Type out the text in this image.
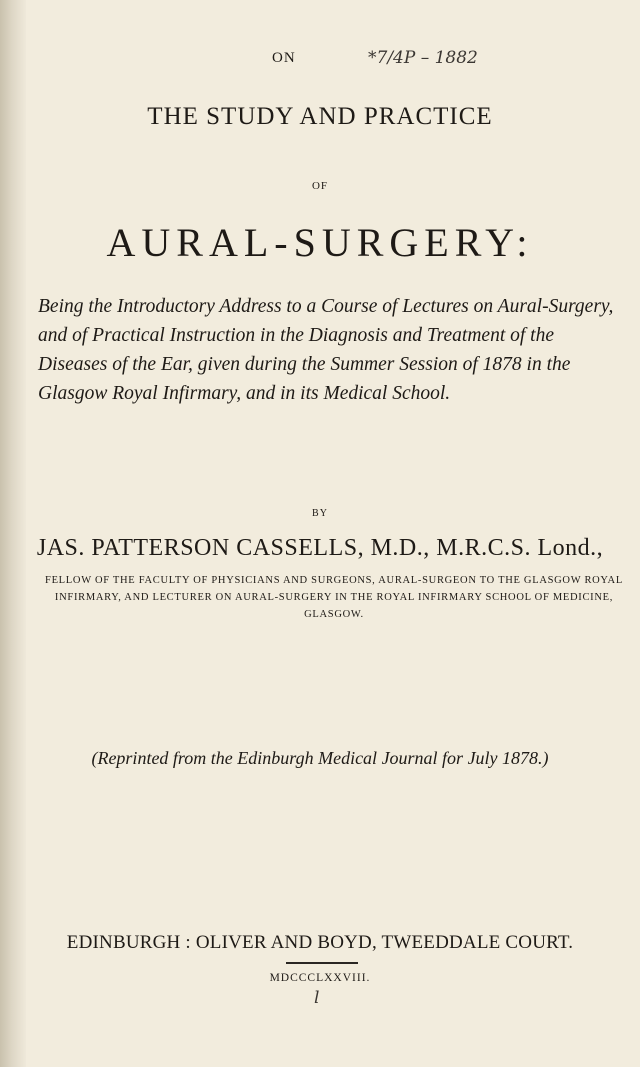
ON	*7/4P – 1882
THE STUDY AND PRACTICE
OF
AURAL-SURGERY:
Being the Introductory Address to a Course of Lectures on Aural-Surgery, and of Practical Instruction in the Diagnosis and Treatment of the Diseases of the Ear, given during the Summer Session of 1878 in the Glasgow Royal Infirmary, and in its Medical School.
BY
JAS. PATTERSON CASSELLS, M.D., M.R.C.S. Lond.,
FELLOW OF THE FACULTY OF PHYSICIANS AND SURGEONS, AURAL-SURGEON TO THE GLASGOW ROYAL INFIRMARY, AND LECTURER ON AURAL-SURGERY IN THE ROYAL INFIRMARY SCHOOL OF MEDICINE, GLASGOW.
(Reprinted from the Edinburgh Medical Journal for July 1878.)
EDINBURGH : OLIVER AND BOYD, TWEEDDALE COURT.
MDCCCLXXVIII.
l
